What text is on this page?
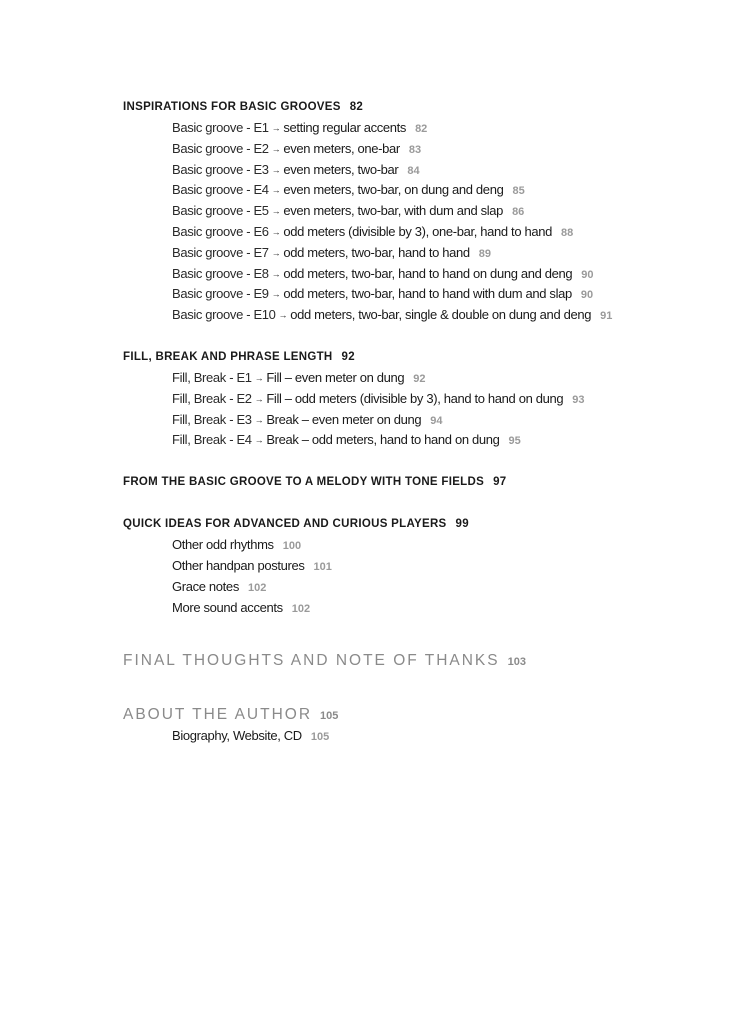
INSPIRATIONS FOR BASIC GROOVES 82
Basic groove - E1 → setting regular accents 82
Basic groove - E2 → even meters, one-bar 83
Basic groove - E3 → even meters, two-bar 84
Basic groove - E4 → even meters, two-bar, on dung and deng 85
Basic groove - E5 → even meters, two-bar, with dum and slap 86
Basic groove - E6 → odd meters (divisible by 3), one-bar, hand to hand 88
Basic groove - E7 → odd meters, two-bar, hand to hand 89
Basic groove - E8 → odd meters, two-bar, hand to hand on dung and deng 90
Basic groove - E9 → odd meters, two-bar, hand to hand with dum and slap 90
Basic groove - E10 → odd meters, two-bar, single & double on dung and deng 91
FILL, BREAK AND PHRASE LENGTH 92
Fill, Break - E1 → Fill – even meter on dung 92
Fill, Break - E2 → Fill – odd meters (divisible by 3), hand to hand on dung 93
Fill, Break - E3 → Break – even meter on dung 94
Fill, Break - E4 → Break – odd meters, hand to hand on dung 95
FROM THE BASIC GROOVE TO A MELODY WITH TONE FIELDS 97
QUICK IDEAS FOR ADVANCED AND CURIOUS PLAYERS 99
Other odd rhythms 100
Other handpan postures 101
Grace notes 102
More sound accents 102
FINAL THOUGHTS AND NOTE OF THANKS 103
ABOUT THE AUTHOR 105
Biography, Website, CD 105
